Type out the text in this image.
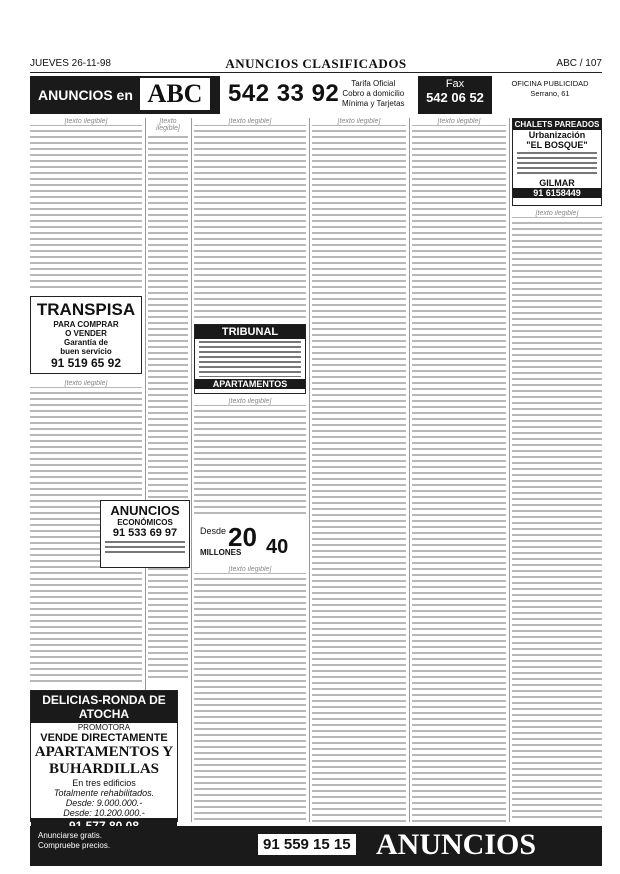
JUEVES 26-11-98	ANUNCIOS CLASIFICADOS	ABC / 107
ANUNCIOS en ABC	542 33 92	Tarifa Oficial
Cobro a domicilio
Mínima y Tarjetas
Fax
542 06 52
OFICINA PUBLICIDAD
Serrano, 61
[texto ilegible]
TRANSPISA
PARA COMPRAR
O VENDER
Garantía de
buen servicio
91 519 65 92
[texto ilegible]
DELICIAS-RONDA DE ATOCHA
PROMOTORA
VENDE DIRECTAMENTE
APARTAMENTOS Y
BUHARDILLAS
En tres edificios
Totalmente rehabilitados.
Desde: 9.000.000.-
Desde: 10.200.000.-
[texto ilegible]
[texto ilegible]
TRIBUNAL
APARTAMENTOS
[texto ilegible]
Desde 20 40
MILLONES
[texto ilegible]
[texto ilegible]
[texto ilegible]
CHALETS PAREADOS
Urbanización
"EL BOSQUE"
GILMAR
91 6158449
[texto ilegible]
ANUNCIOS
ECONÓMICOS
91 533 69 97
Anunciarse gratis.
Compruebe precios.	91 559 15 15 ANUNCIOS
